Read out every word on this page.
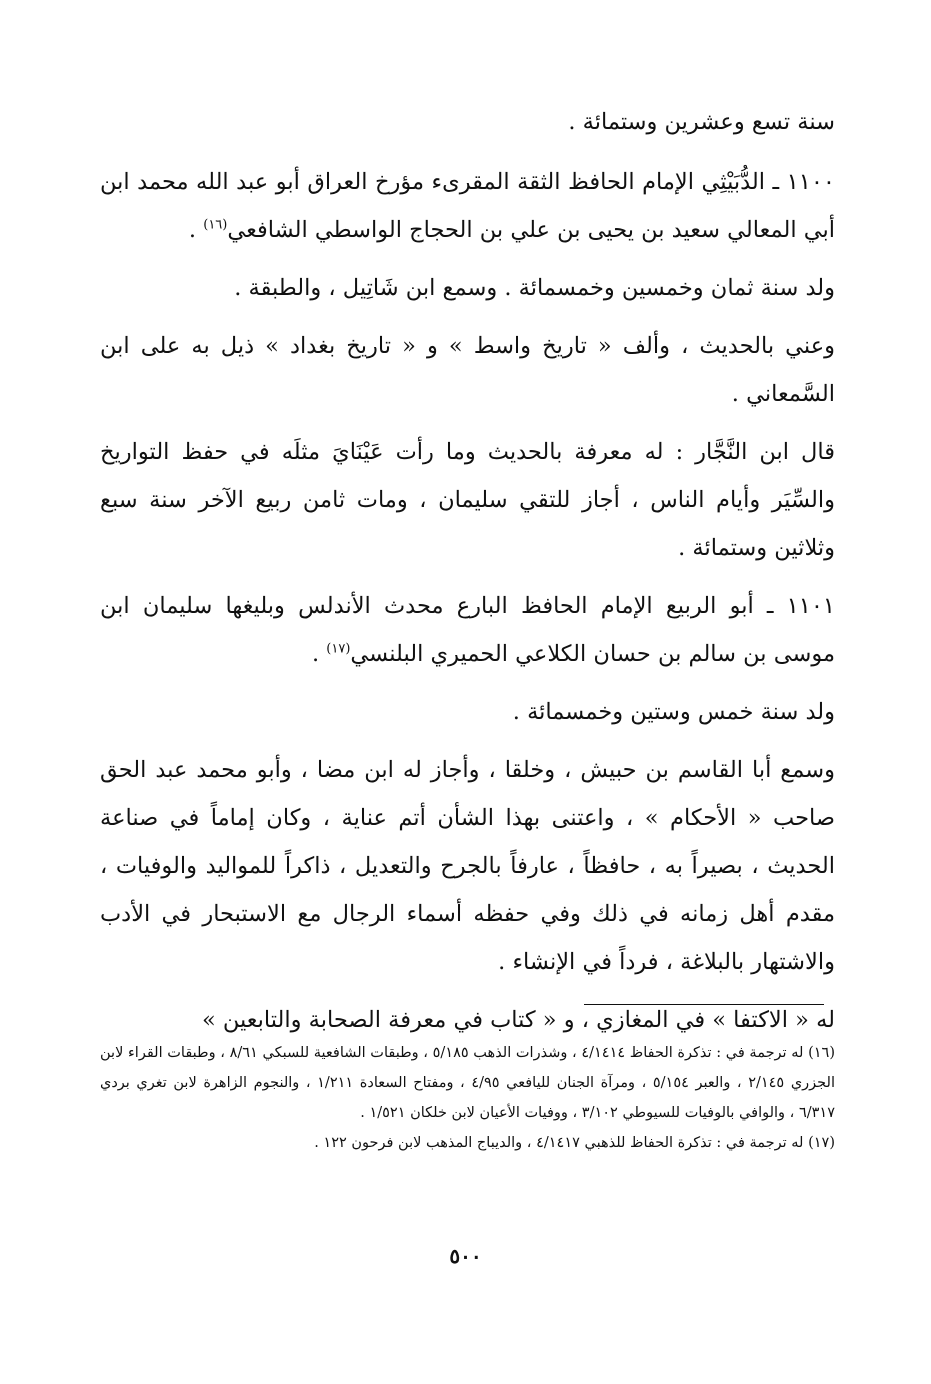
سنة تسع وعشرين وستمائة .

١١٠٠ ـ الدُّبَيْثِي الإمام الحافظ الثقة المقرىء مؤرخ العراق أبو عبد الله محمد ابن أبي المعالي سعيد بن يحيى بن علي بن الحجاج الواسطي الشافعي$^{(١٦)}$ .

ولد سنة ثمان وخمسين وخمسمائة . وسمع ابن شَاتِيل ، والطبقة .

وعني بالحديث ، وألف « تاريخ واسط » و « تاريخ بغداد » ذيل به على ابن السَّمعاني .

قال ابن النَّجَّار : له معرفة بالحديث وما رأت عَيْنَايَ مثلَه في حفظ التواريخ والسِّيَر وأيام الناس ، أجاز للتقي سليمان ، ومات ثامن ربيع الآخر سنة سبع وثلاثين وستمائة .

١١٠١ ـ أبو الربيع الإمام الحافظ البارع محدث الأندلس وبليغها سليمان ابن موسى بن سالم بن حسان الكلاعي الحميري البلنسي$^{(١٧)}$ .

ولد سنة خمس وستين وخمسمائة .

وسمع أبا القاسم بن حبيش ، وخلقا ، وأجاز له ابن مضا ، وأبو محمد عبد الحق صاحب « الأحكام » ، واعتنى بهذا الشأن أتم عناية ، وكان إماماً في صناعة الحديث ، بصيراً به ، حافظاً ، عارفاً بالجرح والتعديل ، ذاكراً للمواليد والوفيات ، مقدم أهل زمانه في ذلك وفي حفظه أسماء الرجال مع الاستبحار في الأدب والاشتهار بالبلاغة ، فرداً في الإنشاء .

له « الاكتفا » في المغازي ، و « كتاب في معرفة الصحابة والتابعين »

(١٦) له ترجمة في : تذكرة الحفاظ ٤/١٤١٤ ، وشذرات الذهب ٥/١٨٥ ، وطبقات الشافعية للسبكي ٨/٦١ ، وطبقات القراء لابن الجزري ٢/١٤٥ ، والعبر ٥/١٥٤ ، ومرآة الجنان لليافعي ٤/٩٥ ، ومفتاح السعادة ١/٢١١ ، والنجوم الزاهرة لابن تغري بردي ٦/٣١٧ ، والوافي بالوفيات للسيوطي ٣/١٠٢ ، ووفيات الأعيان لابن خلكان ١/٥٢١ .

(١٧) له ترجمة في : تذكرة الحفاظ للذهبي ٤/١٤١٧ ، والديباج المذهب لابن فرحون ١٢٢ .

٥٠٠
